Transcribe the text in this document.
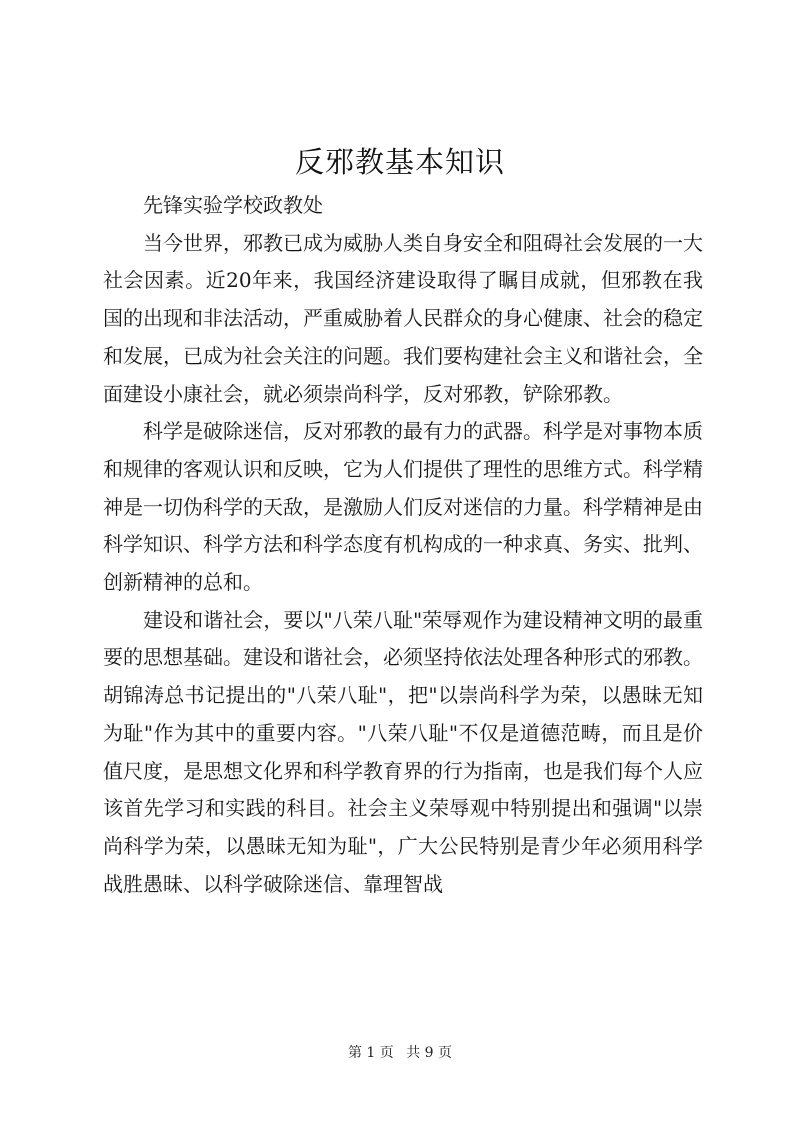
反邪教基本知识

先锋实验学校政教处

当今世界，邪教已成为威胁人类自身安全和阻碍社会发展的一大社会因素。近20年来，我国经济建设取得了瞩目成就，但邪教在我国的出现和非法活动，严重威胁着人民群众的身心健康、社会的稳定和发展，已成为社会关注的问题。我们要构建社会主义和谐社会，全面建设小康社会，就必须崇尚科学，反对邪教，铲除邪教。

科学是破除迷信，反对邪教的最有力的武器。科学是对事物本质和规律的客观认识和反映，它为人们提供了理性的思维方式。科学精神是一切伪科学的天敌，是激励人们反对迷信的力量。科学精神是由科学知识、科学方法和科学态度有机构成的一种求真、务实、批判、创新精神的总和。

建设和谐社会，要以"八荣八耻"荣辱观作为建设精神文明的最重要的思想基础。建设和谐社会，必须坚持依法处理各种形式的邪教。胡锦涛总书记提出的"八荣八耻"，把"以崇尚科学为荣，以愚昧无知为耻"作为其中的重要内容。"八荣八耻"不仅是道德范畴，而且是价值尺度，是思想文化界和科学教育界的行为指南，也是我们每个人应该首先学习和实践的科目。社会主义荣辱观中特别提出和强调"以崇尚科学为荣，以愚昧无知为耻"，广大公民特别是青少年必须用科学战胜愚昧、以科学破除迷信、靠理智战

第 1 页 共 9 页
